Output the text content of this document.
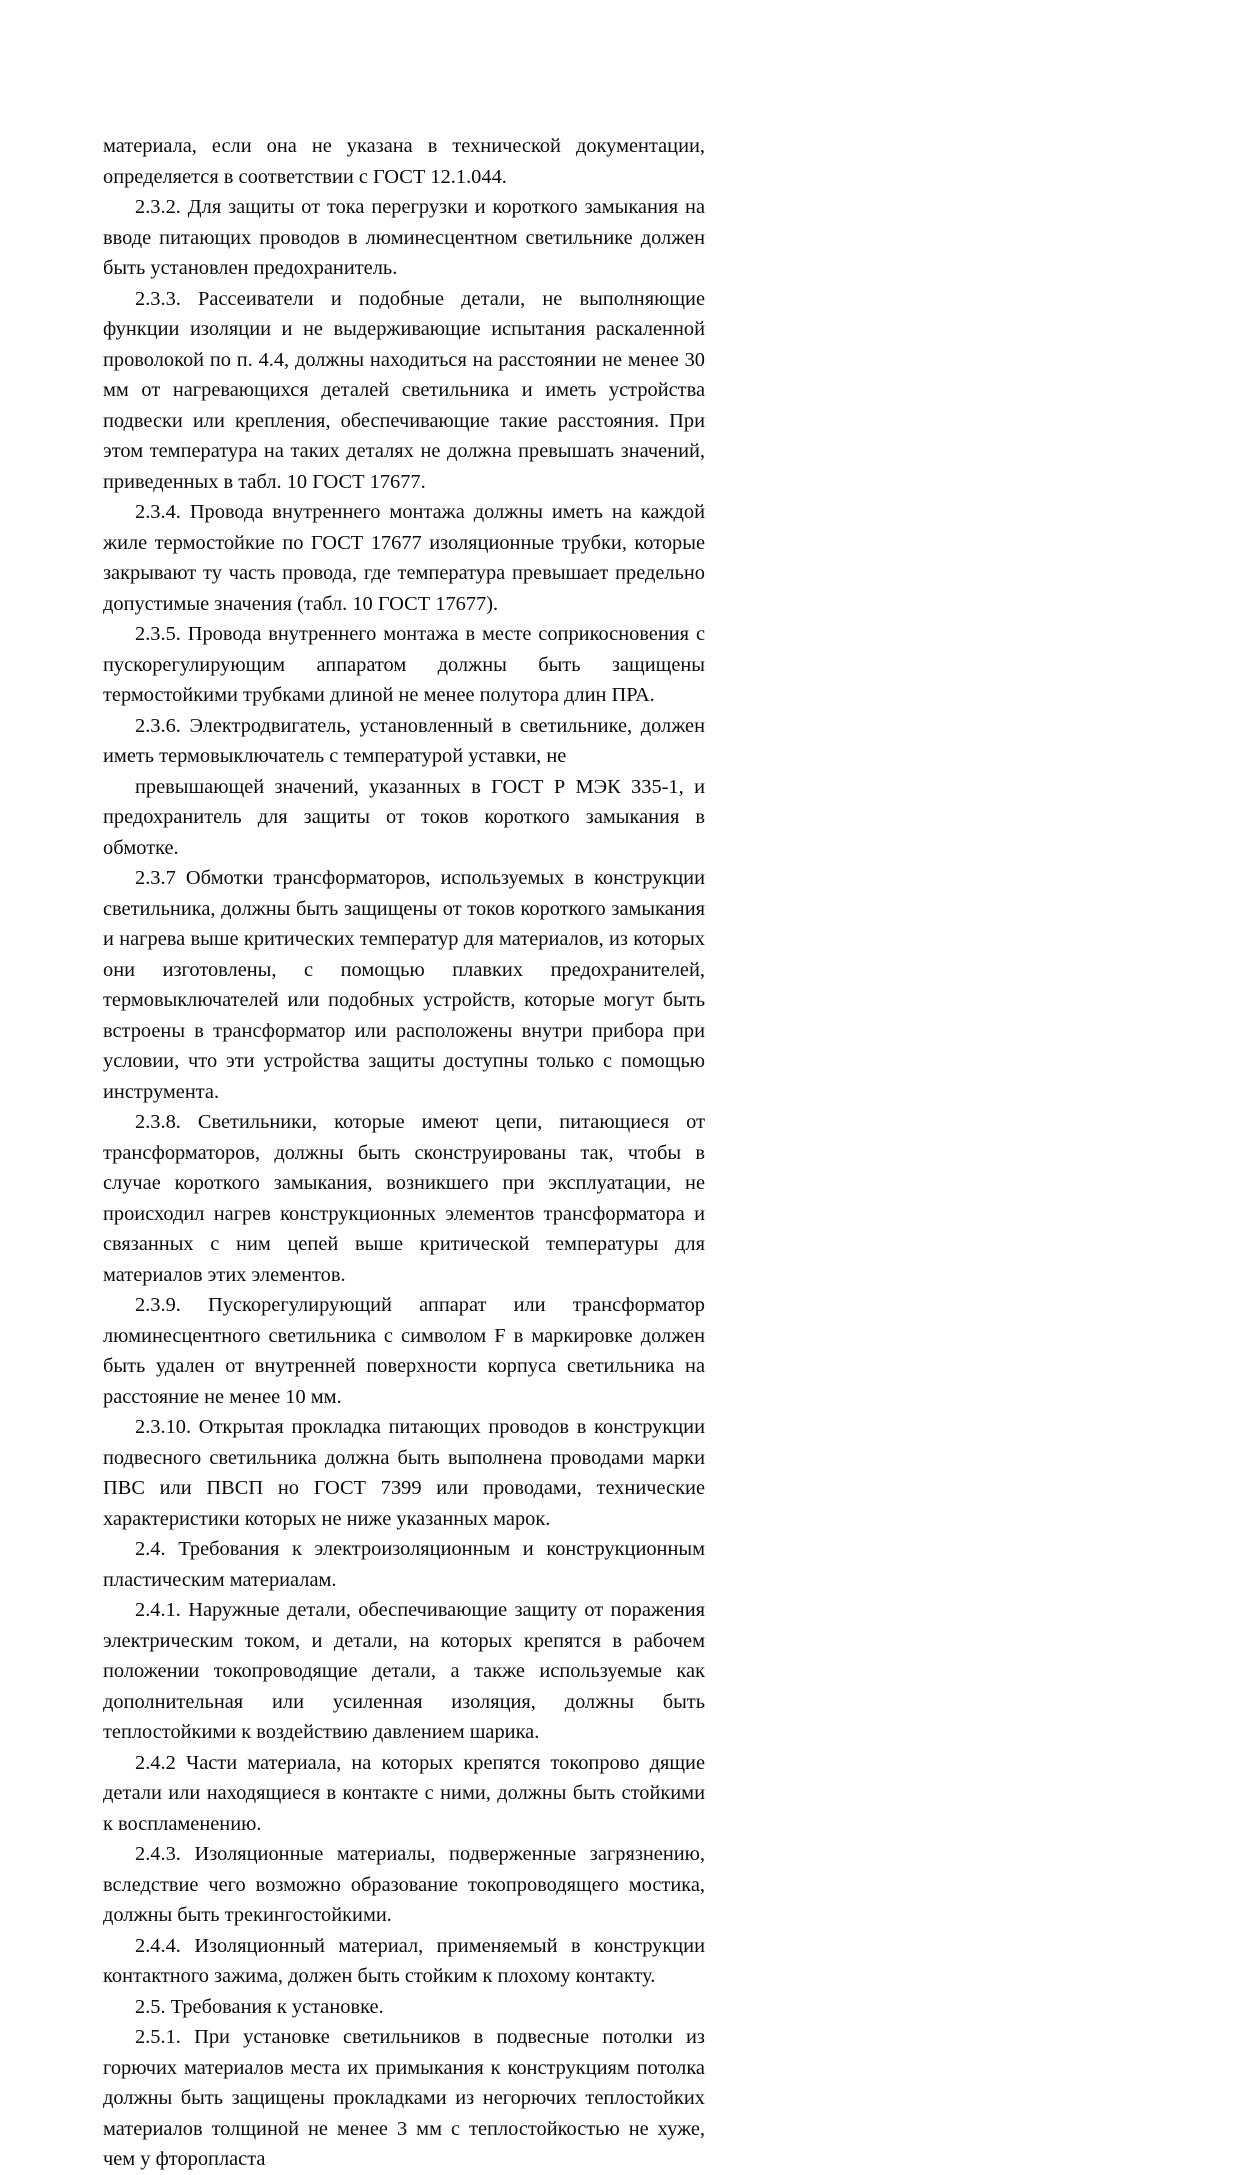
материала, если она не указана в технической документации, определяется в соответствии с ГОСТ 12.1.044.

2.3.2. Для защиты от тока перегрузки и короткого замыкания на вводе питающих проводов в люминесцентном светильнике должен быть установлен предохранитель.

2.3.3. Рассеиватели и подобные детали, не выполняющие функции изоляции и не выдерживающие испытания раскаленной проволокой по п. 4.4, должны находиться на расстоянии не менее 30 мм от нагревающихся деталей светильника и иметь устройства подвески или крепления, обеспечивающие такие расстояния. При этом температура на таких деталях не должна превышать значений, приведенных в табл. 10 ГОСТ 17677.

2.3.4. Провода внутреннего монтажа должны иметь на каждой жиле термостойкие по ГОСТ 17677 изоляционные трубки, которые закрывают ту часть провода, где температура превышает предельно допустимые значения (табл. 10 ГОСТ 17677).

2.3.5. Провода внутреннего монтажа в месте соприкосновения с пускорегулирующим аппаратом должны быть защищены термостойкими трубками длиной не менее полутора длин ПРА.

2.3.6. Электродвигатель, установленный в светильнике, должен иметь термовыключатель с температурой уставки, не

превышающей значений, указанных в ГОСТ Р МЭК 335-1, и предохранитель для защиты от токов короткого замыкания в обмотке.

2.3.7 Обмотки трансформаторов, используемых в конструкции светильника, должны быть защищены от токов короткого замыкания и нагрева выше критических температур для материалов, из которых они изготовлены, с помощью плавких предохранителей, термовыключателей или подобных устройств, которые могут быть встроены в трансформатор или расположены внутри прибора при условии, что эти устройства защиты доступны только с помощью инструмента.

2.3.8. Светильники, которые имеют цепи, питающиеся от трансформаторов, должны быть сконструированы так, чтобы в случае короткого замыкания, возникшего при эксплуатации, не происходил нагрев конструкционных элементов трансформатора и связанных с ним цепей выше критической температуры для материалов этих элементов.

2.3.9. Пускорегулирующий аппарат или трансформатор люминесцентного светильника с символом F в маркировке должен быть удален от внутренней поверхности корпуса светильника на расстояние не менее 10 мм.

2.3.10. Открытая прокладка питающих проводов в конструкции подвесного светильника должна быть выполнена проводами марки ПВС или ПВСП но ГОСТ 7399 или проводами, технические характеристики которых не ниже указанных марок.

2.4. Требования к электроизоляционным и конструкционным пластическим материалам.

2.4.1. Наружные детали, обеспечивающие защиту от поражения электрическим током, и детали, на которых крепятся в рабочем положении токопроводящие детали, а также используемые как дополнительная или усиленная изоляция, должны быть теплостойкими к воздействию давлением шарика.

2.4.2 Части материала, на которых крепятся токопрово дящие детали или находящиеся в контакте с ними, должны быть стойкими к воспламенению.

2.4.3. Изоляционные материалы, подверженные загрязнению, вследствие чего возможно образование токопроводящего мостика, должны быть трекингостойкими.

2.4.4. Изоляционный материал, применяемый в конструкции контактного зажима, должен быть стойким к плохому контакту.

2.5. Требования к установке.

2.5.1. При установке светильников в подвесные потолки из горючих материалов места их примыкания к конструкциям потолка должны быть защищены прокладками из негорючих теплостойких материалов толщиной не менее 3 мм с теплостойкостью не хуже, чем у фторопласта
